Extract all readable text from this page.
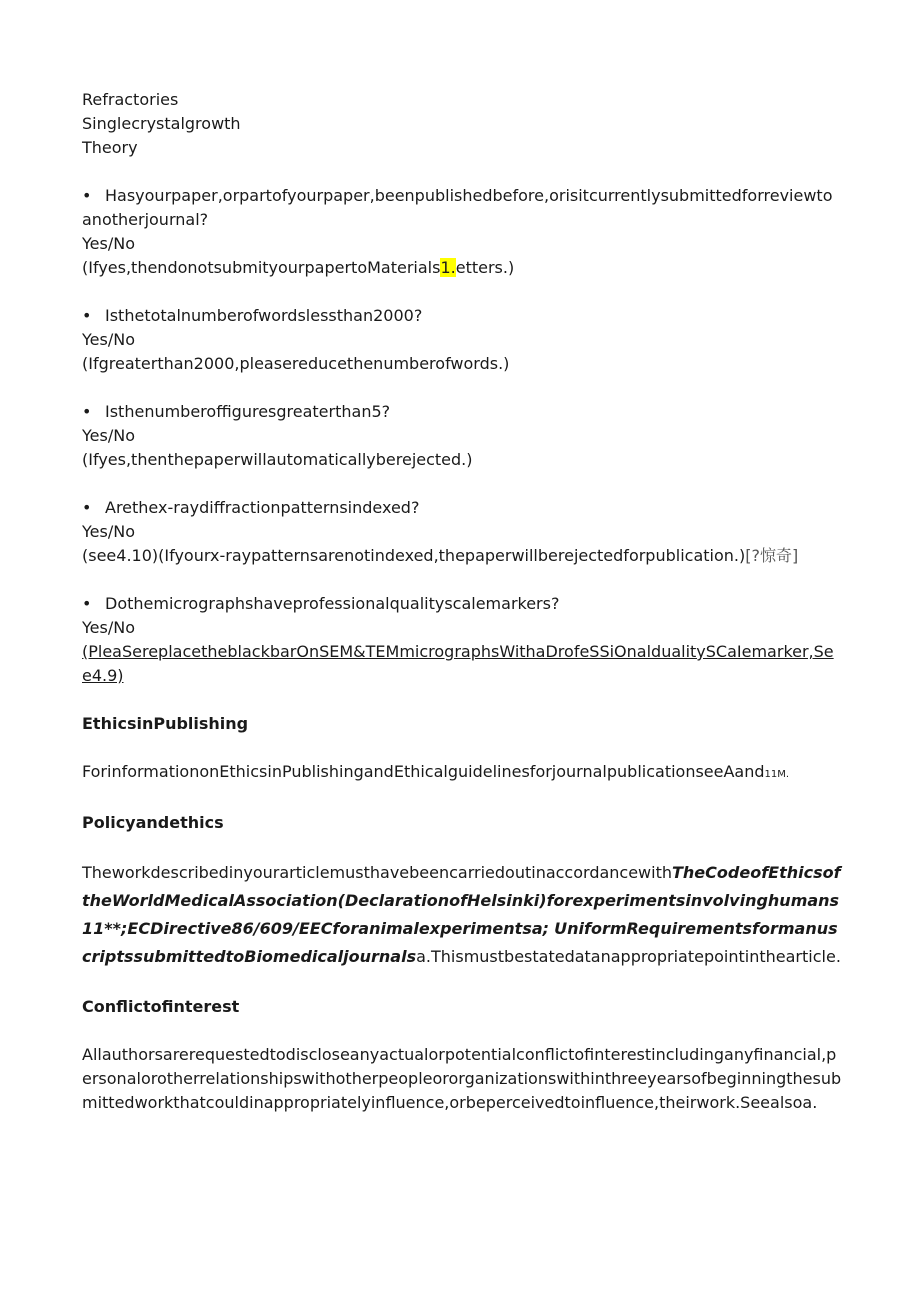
Refractories

Singlecrystalgrowth

Theory

• Hasyourpaper,orpartofyourpaper,beenpublishedbefore,orisitcurrentlysubmittedforreviewtoanotherjournal?

Yes/No

(Ifyes,thendonotsubmityourpapertoMaterials1.etters.)

• Isthetotalnumberofwordslessthan2000?

Yes/No

(Ifgreaterthan2000,pleasereducethenumberofwords.)

• Isthenumberoffiguresgreaterthan5?

Yes/No

(Ifyes,thenthepaperwillautomaticallyberejected.)

• Arethex-raydiffractionpatternsindexed?

Yes/No

(see4.10)(Ifyourx-raypatternsarenotindexed,thepaperwillberejectedforpublication.)[?惊奇]

• Dothemicrographshaveprofessionalqualityscalemarkers?

Yes/No

(PleaSereplacetheblackbarOnSEM&TEMmicrographsWithaDrofeSSiOnaldualitySCaIemarker,See4.9)

EthicsinPublishing

ForinformationonEthicsinPublishingandEthicalguidelinesforjournalpublicationseeAand11M.

Policyandethics

TheworkdescribedinyourarticlemusthavebeencarriedoutinaccordancewithTheCodeofEthicsoftheWorldMedicalAssociation(DeclarationofHelsinki)forexperimentsinvolvinghumans11**;ECDirective86/609/EECforanimalexperimentsa; UniformRequirementsformanuscriptssubmittedtoBiomedicaljournalsa.Thismustbestatedatanappropriatepointinthearticle.

Conflictofinterest

Allauthorsarerequestedtodiscloseanyactualorpotentialconflictofinterestincludinganyfinancial,personalorotherrelationshipswithotherpeopleororganizationswithinthreeyearsofbeginningthesubmittedworkthatcouldinappropriatelyinfluence,orbeperceivedtoinfluence,theirwork.Seealsoa.
